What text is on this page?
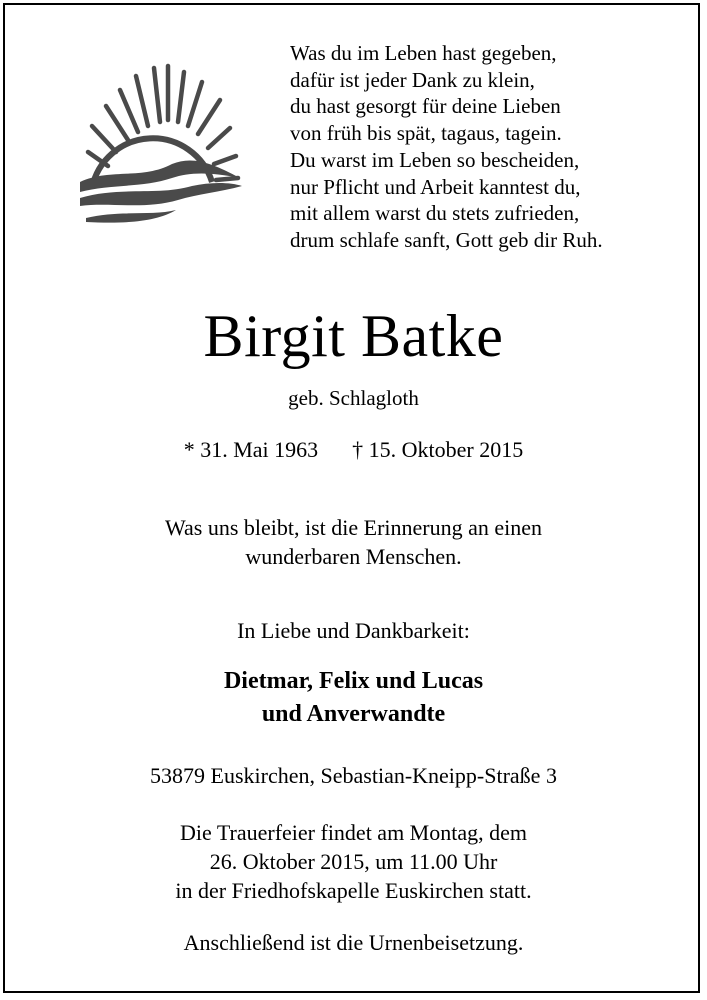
Was du im Leben hast gegeben,
dafür ist jeder Dank zu klein,
du hast gesorgt für deine Lieben
von früh bis spät, tagaus, tagein.
Du warst im Leben so bescheiden,
nur Pflicht und Arbeit kanntest du,
mit allem warst du stets zufrieden,
drum schlafe sanft, Gott geb dir Ruh.
Birgit Batke
geb. Schlagloth
* 31. Mai 1963 † 15. Oktober 2015
Was uns bleibt, ist die Erinnerung an einen
wunderbaren Menschen.
In Liebe und Dankbarkeit:
Dietmar, Felix und Lucas
und Anverwandte
53879 Euskirchen, Sebastian-Kneipp-Straße 3
Die Trauerfeier findet am Montag, dem
26. Oktober 2015, um 11.00 Uhr
in der Friedhofskapelle Euskirchen statt.
Anschließend ist die Urnenbeisetzung.
